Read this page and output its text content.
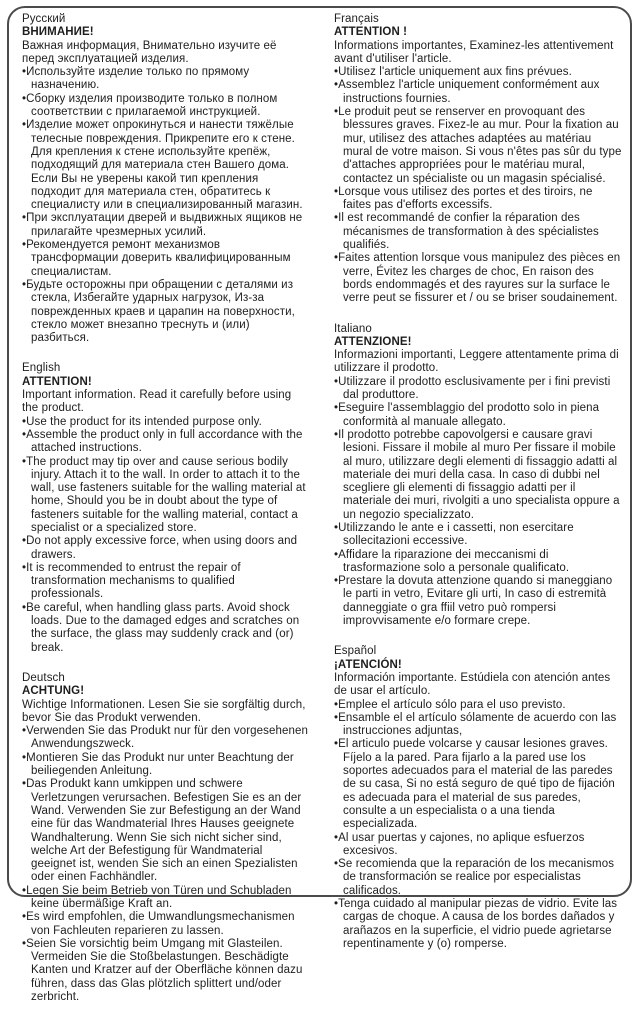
Русский
ВНИМАНИЕ!
Важная информация, Внимательно изучите её перед эксплуатацией изделия.
• Используйте изделие только по прямому назначению.
• Сборку изделия производите только в полном соответствии с прилагаемой инструкцией.
• Изделие может опрокинуться и нанести тяжёлые телесные повреждения. Прикрепите его к стене. Для крепления к стене используйте крепёж, подходящий для материала стен Вашего дома. Если Вы не уверены какой тип крепления подходит для материала стен, обратитесь к специалисту или в специализированный магазин.
• При эксплуатации дверей и выдвижных ящиков не прилагайте чрезмерных усилий.
• Рекомендуется ремонт механизмов трансформации доверить квалифицированным специалистам.
• Будьте осторожны при обращении с деталями из стекла, Избегайте ударных нагрузок, Из-за поврежденных краев и царапин на поверхности, стекло может внезапно треснуть и (или) разбиться.
English
ATTENTION!
Important information. Read it carefully before using the product.
• Use the product for its intended purpose only.
• Assemble the product only in full accordance with the attached instructions.
• The product may tip over and cause serious bodily injury. Attach it to the wall. In order to attach it to the wall, use fasteners suitable for the walling material at home, Should you be in doubt about the type of fasteners suitable for the walling material, contact a specialist or a specialized store.
• Do not apply excessive force, when using doors and drawers.
• It is recommended to entrust the repair of transformation mechanisms to qualified professionals.
• Be careful, when handling glass parts. Avoid shock loads. Due to the damaged edges and scratches on the surface, the glass may suddenly crack and (or) break.
Deutsch
ACHTUNG!
Wichtige Informationen. Lesen Sie sie sorgfältig durch, bevor Sie das Produkt verwenden.
• Verwenden Sie das Produkt nur für den vorgesehenen Anwendungszweck.
• Montieren Sie das Produkt nur unter Beachtung der beiliegenden Anleitung.
• Das Produkt kann umkippen und schwere Verletzungen verursachen. Befestigen Sie es an der Wand. Verwenden Sie zur Befestigung an der Wand eine für das Wandmaterial Ihres Hauses geeignete Wandhalterung. Wenn Sie sich nicht sicher sind, welche Art der Befestigung für Wandmaterial geeignet ist, wenden Sie sich an einen Spezialisten oder einen Fachhändler.
• Legen Sie beim Betrieb von Türen und Schubladen keine übermäßige Kraft an.
• Es wird empfohlen, die Umwandlungsmechanismen von Fachleuten reparieren zu lassen.
• Seien Sie vorsichtig beim Umgang mit Glasteilen. Vermeiden Sie die Stoßbelastungen. Beschädigte Kanten und Kratzer auf der Oberfläche können dazu führen, dass das Glas plötzlich splittert und/oder zerbricht.
Français
ATTENTION !
Informations importantes, Examinez-les attentivement avant d'utiliser l'article.
• Utilisez l'article uniquement aux fins prévues.
• Assemblez l'article uniquement conformément aux instructions fournies.
• Le produit peut se renserver en provoquant des blessures graves. Fixez-le au mur. Pour la fixation au mur, utilisez des attaches adaptées au matériau mural de votre maison. Si vous n'êtes pas sûr du type d'attaches appropriées pour le matériau mural, contactez un spécialiste ou un magasin spécialisé.
• Lorsque vous utilisez des portes et des tiroirs, ne faites pas d'efforts excessifs.
• Il est recommandé de confier la réparation des mécanismes de transformation à des spécialistes qualifiés.
• Faites attention lorsque vous manipulez des pièces en verre, Évitez les charges de choc, En raison des bords endommagés et des rayures sur la surface le verre peut se fissurer et / ou se briser soudainement.
Italiano
ATTENZIONE!
Informazioni importanti, Leggere attentamente prima di utilizzare il prodotto.
• Utilizzare il prodotto esclusivamente per i fini previsti dal produttore.
• Eseguire l'assemblaggio del prodotto solo in piena conformità al manuale allegato.
• Il prodotto potrebbe capovolgersi e causare gravi lesioni. Fissare il mobile al muro Per fissare il mobile al muro, utilizzare degli elementi di fissaggio adatti al materiale dei muri della casa. In caso di dubbi nel scegliere gli elementi di fissaggio adatti per il materiale dei muri, rivolgiti a uno specialista oppure a un negozio specializzato.
• Utilizzando le ante e i cassetti, non esercitare sollecitazioni eccessive.
• Affidare la riparazione dei meccanismi di trasformazione solo a personale qualificato.
• Prestare la dovuta attenzione quando si maneggiano le parti in vetro, Evitare gli urti, In caso di estremità danneggiate o gra ffiil vetro può rompersi improvvisamente e/o formare crepe.
Español
¡ATENCIÓN!
Información importante. Estúdiela con atención antes de usar el artículo.
• Emplee el artículo sólo para el uso previsto.
• Ensamble el el artículo sólamente de acuerdo con las instrucciones adjuntas,
• El articulo puede volcarse y causar lesiones graves. Fíjelo a la pared. Para fijarlo a la pared use los soportes adecuados para el material de las paredes de su casa, Si no está seguro de qué tipo de fijación es adecuada para el material de sus paredes, consulte a un especialista o a una tienda especializada.
• Al usar puertas y cajones, no aplique esfuerzos excesivos.
• Se recomienda que la reparación de los mecanismos de transformación se realice por especialistas calificados.
• Tenga cuidado al manipular piezas de vidrio. Evite las cargas de choque. A causa de los bordes dañados y arañazos en la superficie, el vidrio puede agrietarse repentinamente y (o) romperse.
